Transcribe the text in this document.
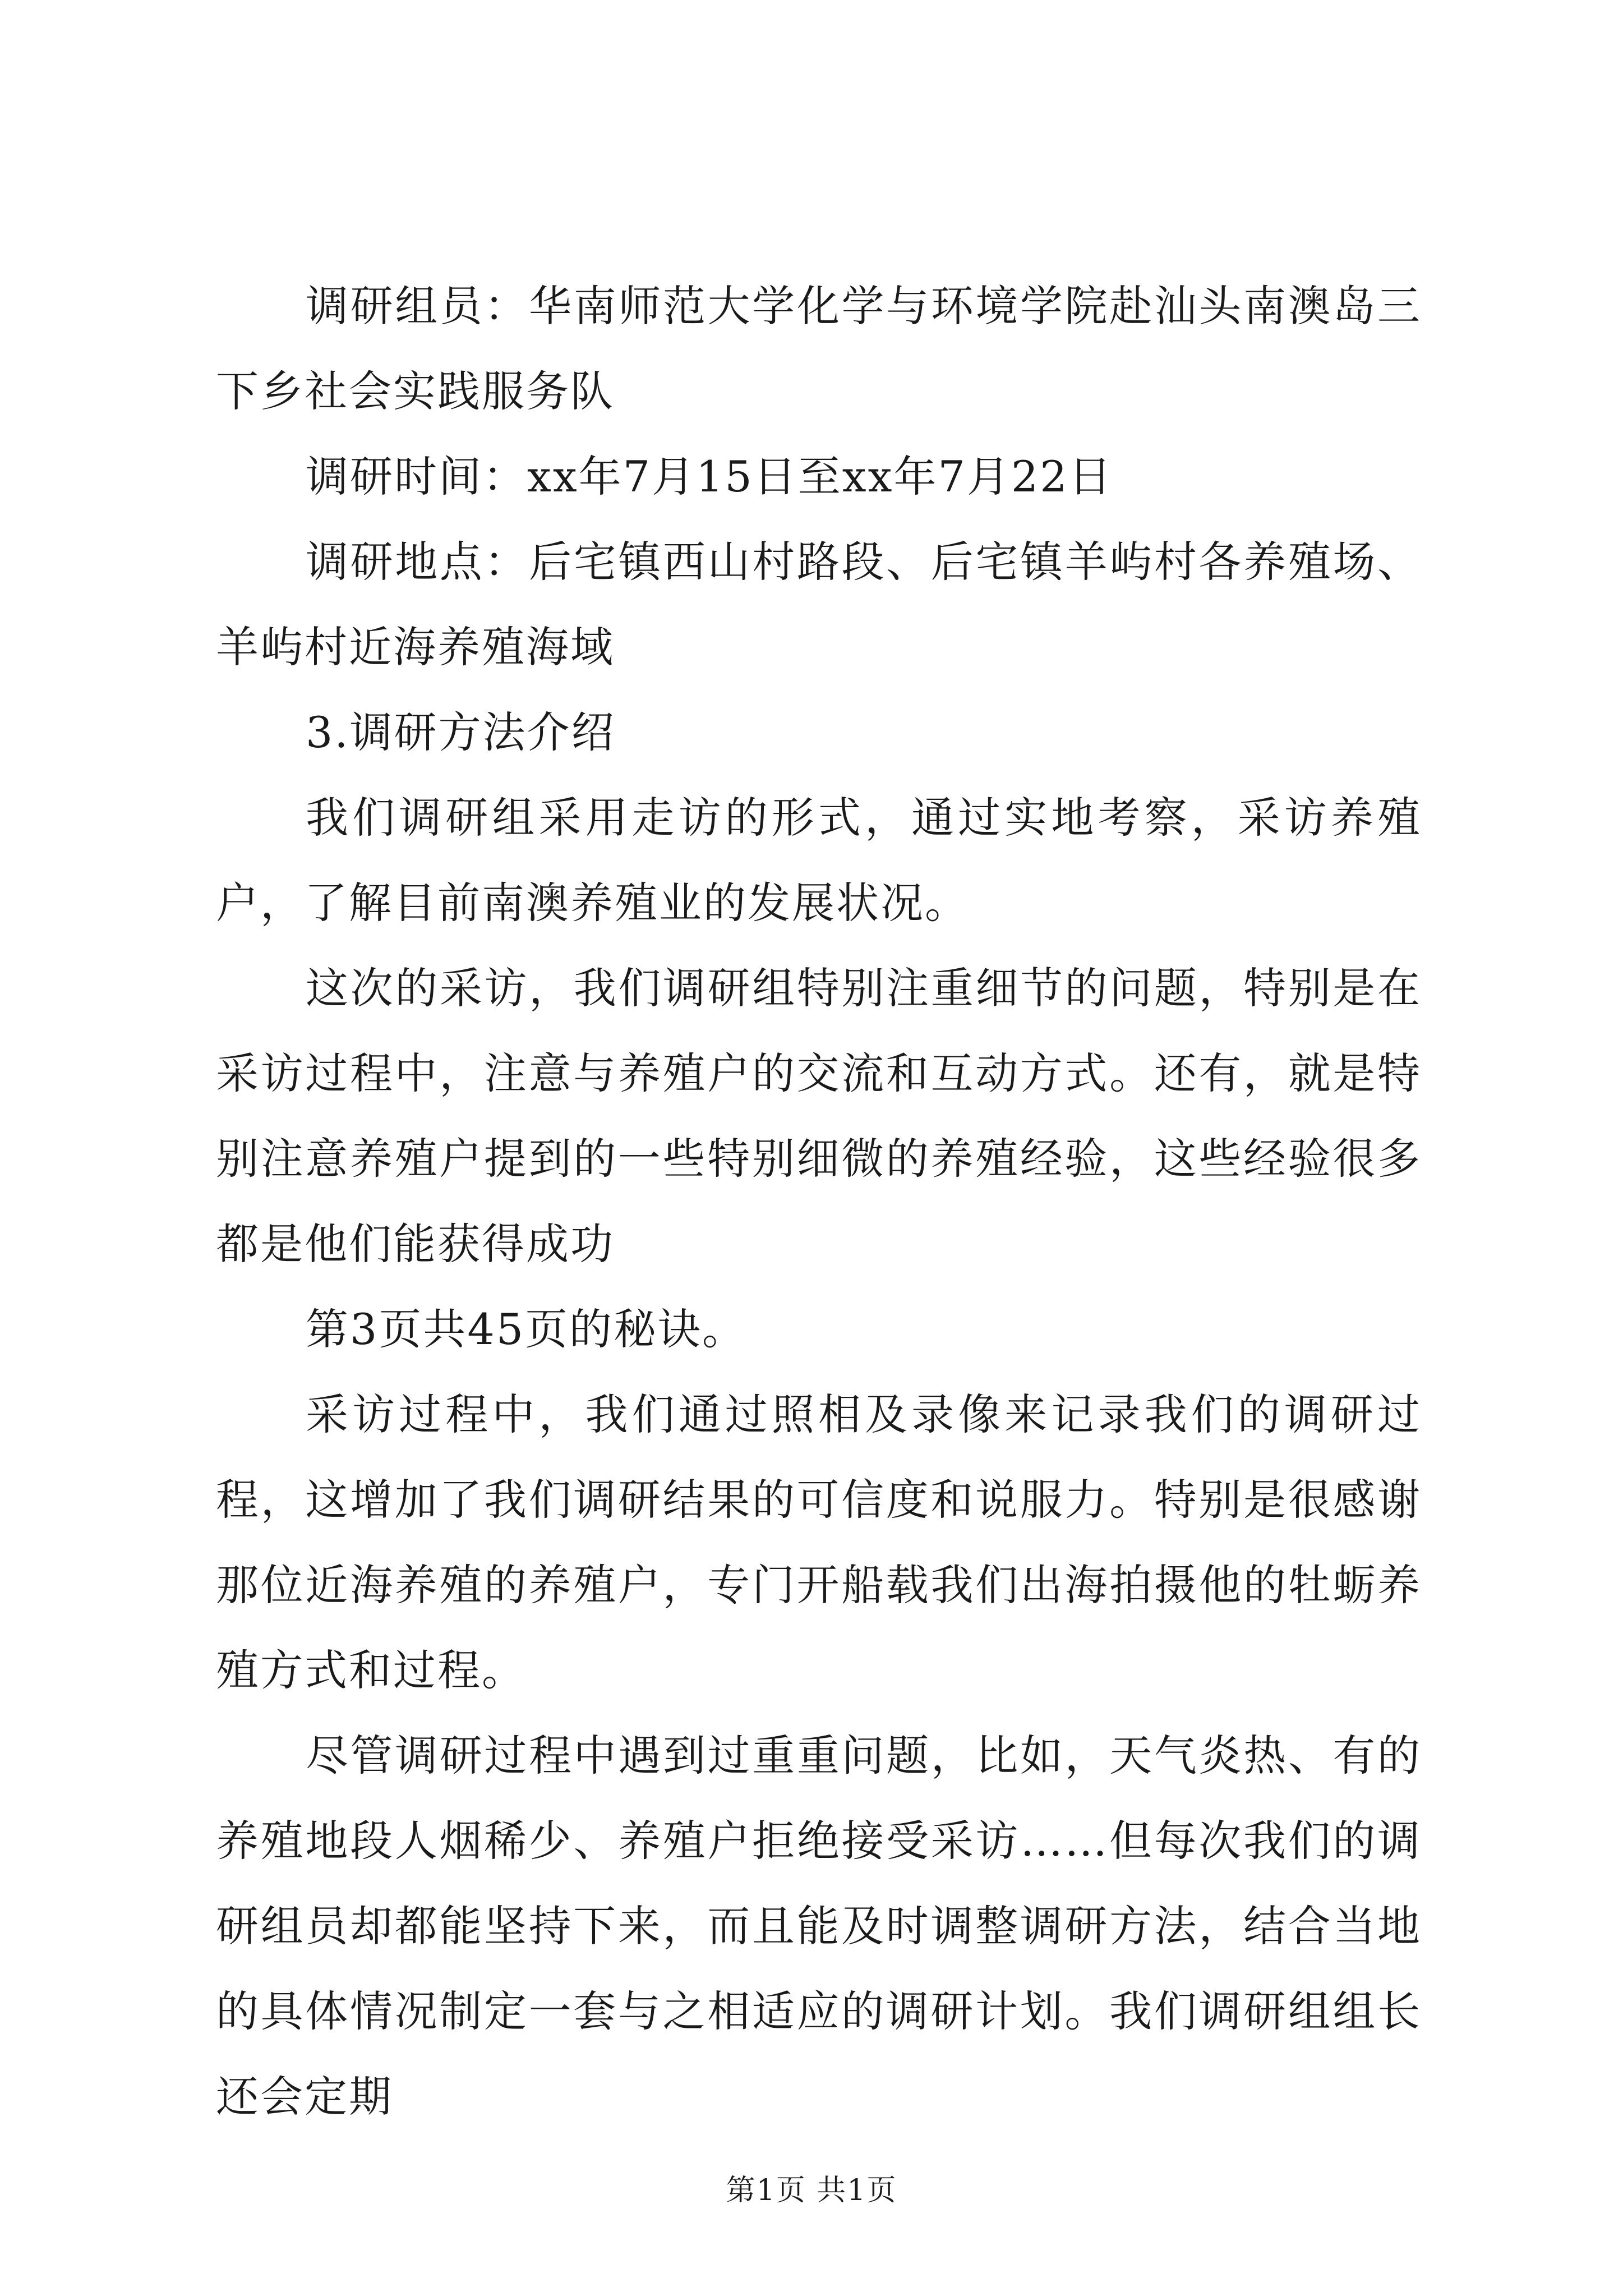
调研组员：华南师范大学化学与环境学院赴汕头南澳岛三下乡社会实践服务队

调研时间：xx年7月15日至xx年7月22日

调研地点：后宅镇西山村路段、后宅镇羊屿村各养殖场、羊屿村近海养殖海域

3.调研方法介绍

我们调研组采用走访的形式，通过实地考察，采访养殖户，了解目前南澳养殖业的发展状况。

这次的采访，我们调研组特别注重细节的问题，特别是在采访过程中，注意与养殖户的交流和互动方式。还有，就是特别注意养殖户提到的一些特别细微的养殖经验，这些经验很多都是他们能获得成功

第3页共45页的秘诀。

采访过程中，我们通过照相及录像来记录我们的调研过程，这增加了我们调研结果的可信度和说服力。特别是很感谢那位近海养殖的养殖户，专门开船载我们出海拍摄他的牡蛎养殖方式和过程。

尽管调研过程中遇到过重重问题，比如，天气炎热、有的养殖地段人烟稀少、养殖户拒绝接受采访……但每次我们的调研组员却都能坚持下来，而且能及时调整调研方法，结合当地的具体情况制定一套与之相适应的调研计划。我们调研组组长还会定期

第1页 共1页
